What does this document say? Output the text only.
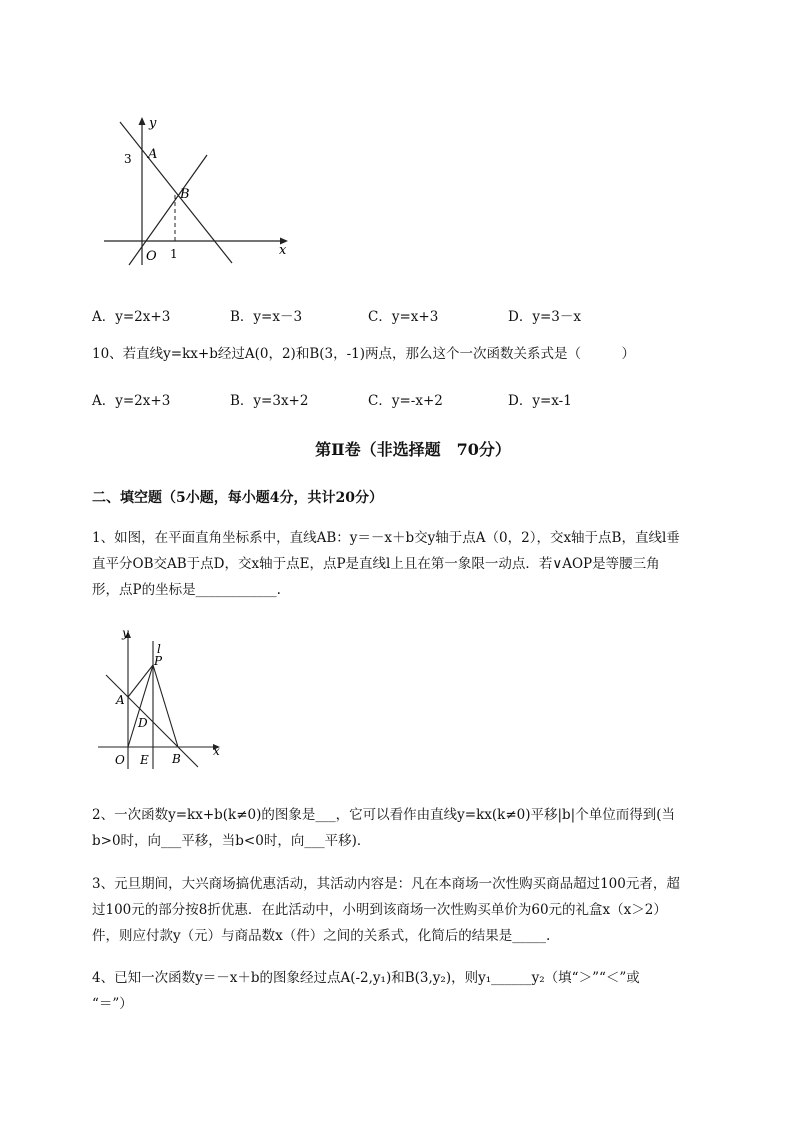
y
x
A
B
O
3
1
A．y=2x+3	B．y=x－3	C．y=x+3	D．y=3－x
10、若直线y=kx+b经过A(0，2)和B(3，-1)两点，那么这个一次函数关系式是（　　　）
A．y=2x+3	B．y=3x+2	C．y=-x+2	D．y=x-1
第Ⅱ卷（非选择题　70分）
二、填空题（5小题，每小题4分，共计20分）
1、如图，在平面直角坐标系中，直线AB：y＝－x＋b交y轴于点A（0，2），交x轴于点B，直线l垂
直平分OB交AB于点D，交x轴于点E，点P是直线l上且在第一象限一动点．若∨AOP是等腰三角
形，点P的坐标是____________.
y
x
l
P
A
D
O E B
2、一次函数y=kx+b(k≠0)的图象是___，它可以看作由直线y=kx(k≠0)平移|b|个单位而得到(当
b>0时，向___平移，当b<0时，向___平移)．
3、元旦期间，大兴商场搞优惠活动，其活动内容是：凡在本商场一次性购买商品超过100元者，超
过100元的部分按8折优惠．在此活动中，小明到该商场一次性购买单价为60元的礼盒x（x＞2）
件，则应付款y（元）与商品数x（件）之间的关系式，化简后的结果是_____.
4、已知一次函数y＝－x＋b的图象经过点A(-2,y₁)和B(3,y₂)，则y₁______y₂（填“＞”“＜”或
“＝”）
